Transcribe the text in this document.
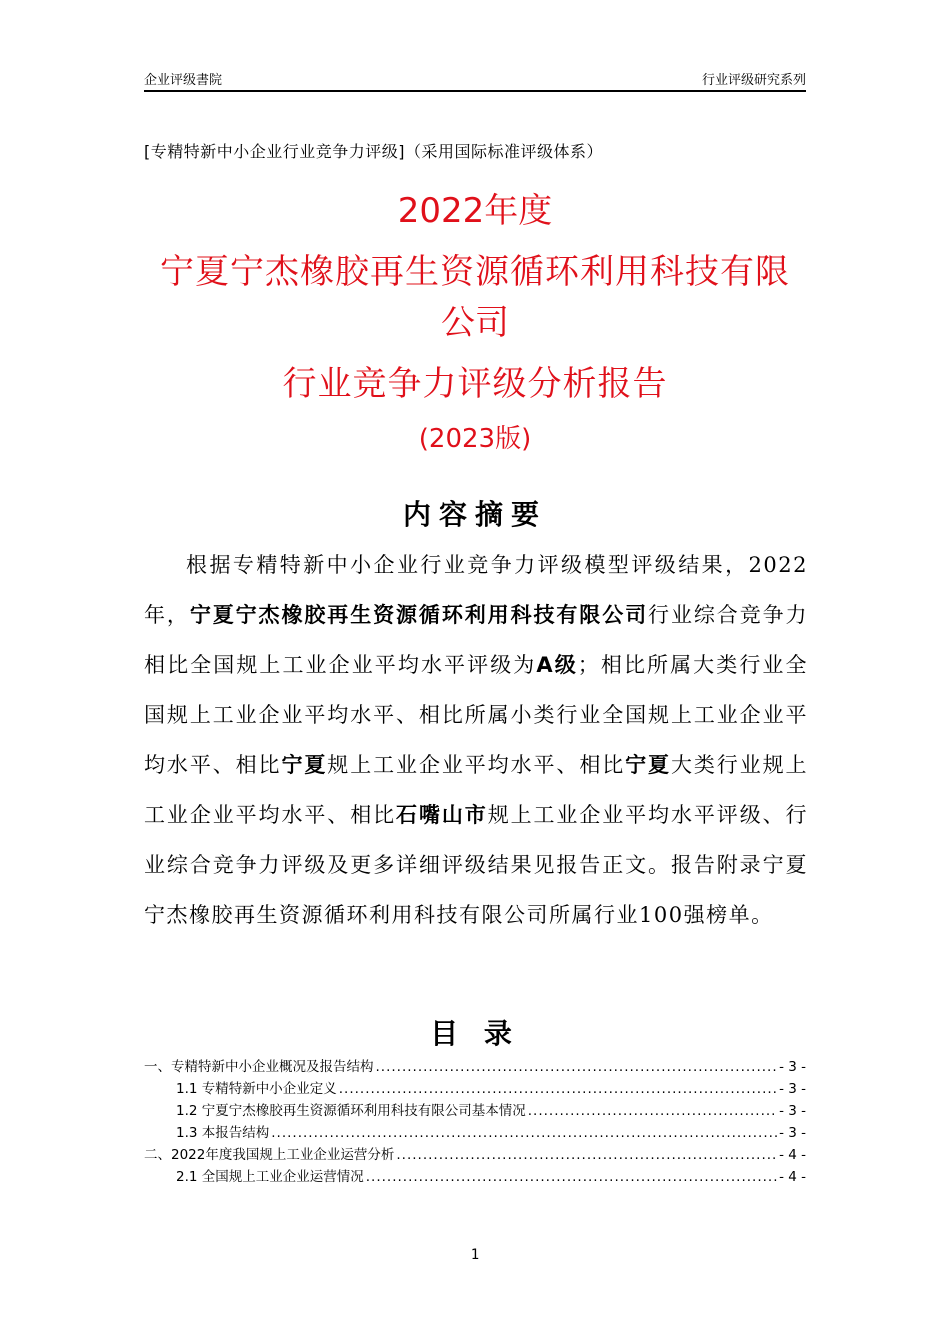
企业评级書院	行业评级研究系列
[专精特新中小企业行业竞争力评级]（采用国际标准评级体系）
2022年度
宁夏宁杰橡胶再生资源循环利用科技有限
公司
行业竞争力评级分析报告
(2023版)
内容摘要
根据专精特新中小企业行业竞争力评级模型评级结果，2022年，宁夏宁杰橡胶再生资源循环利用科技有限公司行业综合竞争力相比全国规上工业企业平均水平评级为A级；相比所属大类行业全国规上工业企业平均水平、相比所属小类行业全国规上工业企业平均水平、相比宁夏规上工业企业平均水平、相比宁夏大类行业规上工业企业平均水平、相比石嘴山市规上工业企业平均水平评级、行业综合竞争力评级及更多详细评级结果见报告正文。报告附录宁夏宁杰橡胶再生资源循环利用科技有限公司所属行业100强榜单。
目 录
一、专精特新中小企业概况及报告结构 .....	- 3 -
1.1 专精特新中小企业定义 .....	- 3 -
1.2 宁夏宁杰橡胶再生资源循环利用科技有限公司基本情况 .....	- 3 -
1.3 本报告结构 .....	- 3 -
二、2022年度我国规上工业企业运营分析 .....	- 4 -
2.1 全国规上工业企业运营情况 .....	- 4 -
1
